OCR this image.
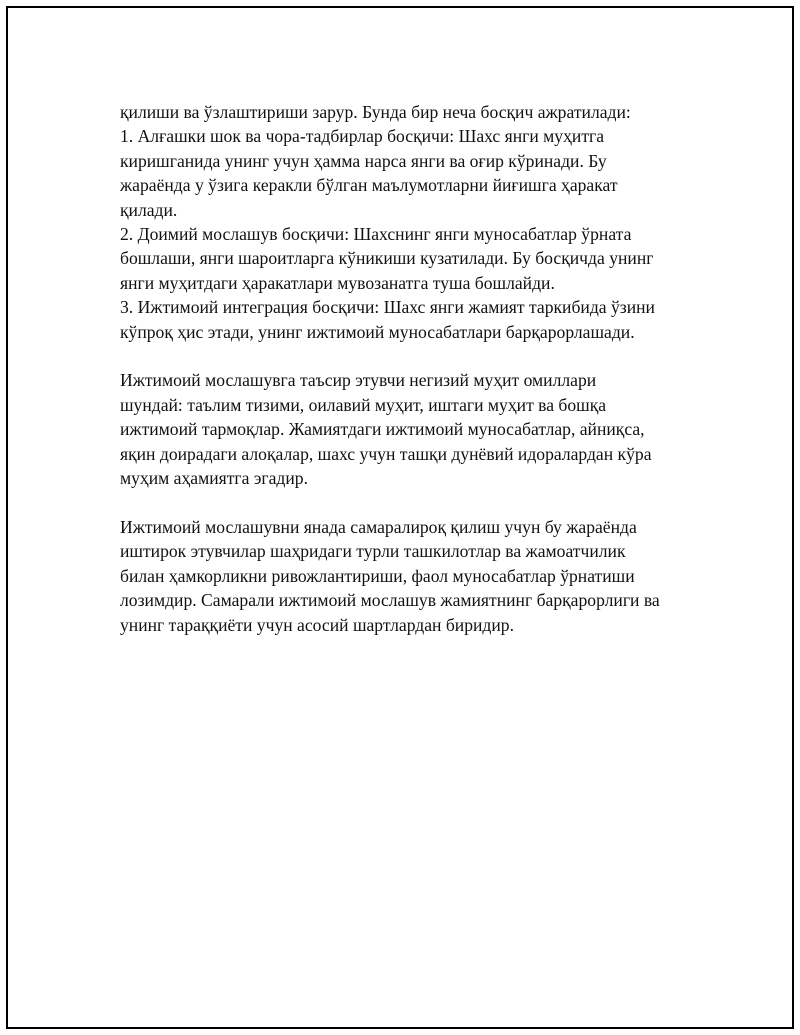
қилиши ва ўзлаштириши зарур. Бунда бир неча босқич ажратилади:
1. Алғашки шок ва чора-тадбирлар босқичи: Шахс янги муҳитга
киришганида унинг учун ҳамма нарса янги ва оғир кўринади. Бу
жараёнда у ўзига керакли бўлган маълумотларни йиғишга ҳаракат
қилади.
2. Доимий мослашув босқичи: Шахснинг янги муносабатлар ўрната
бошлаши, янги шароитларга кўникиши кузатилади. Бу босқичда унинг
янги муҳитдаги ҳаракатлари мувозанатга туша бошлайди.
3. Ижтимоий интеграция босқичи: Шахс янги жамият таркибида ўзини
кўпроқ ҳис этади, унинг ижтимоий муносабатлари барқарорлашади.
Ижтимоий мослашувга таъсир этувчи негизий муҳит омиллари
шундай: таълим тизими, оилавий муҳит, иштаги муҳит ва бошқа
ижтимоий тармоқлар. Жамиятдаги ижтимоий муносабатлар, айниқса,
яқин доирадаги алоқалар, шахс учун ташқи дунёвий идоралардан кўра
муҳим аҳамиятга эгадир.
Ижтимоий мослашувни янада самаралироқ қилиш учун бу жараёнда
иштирок этувчилар шаҳридаги турли ташкилотлар ва жамоатчилик
билан ҳамкорликни ривожлантириши, фаол муносабатлар ўрнатиши
лозимдир. Самарали ижтимоий мослашув жамиятнинг барқарорлиги ва
унинг тараққиёти учун асосий шартлардан биридир.
